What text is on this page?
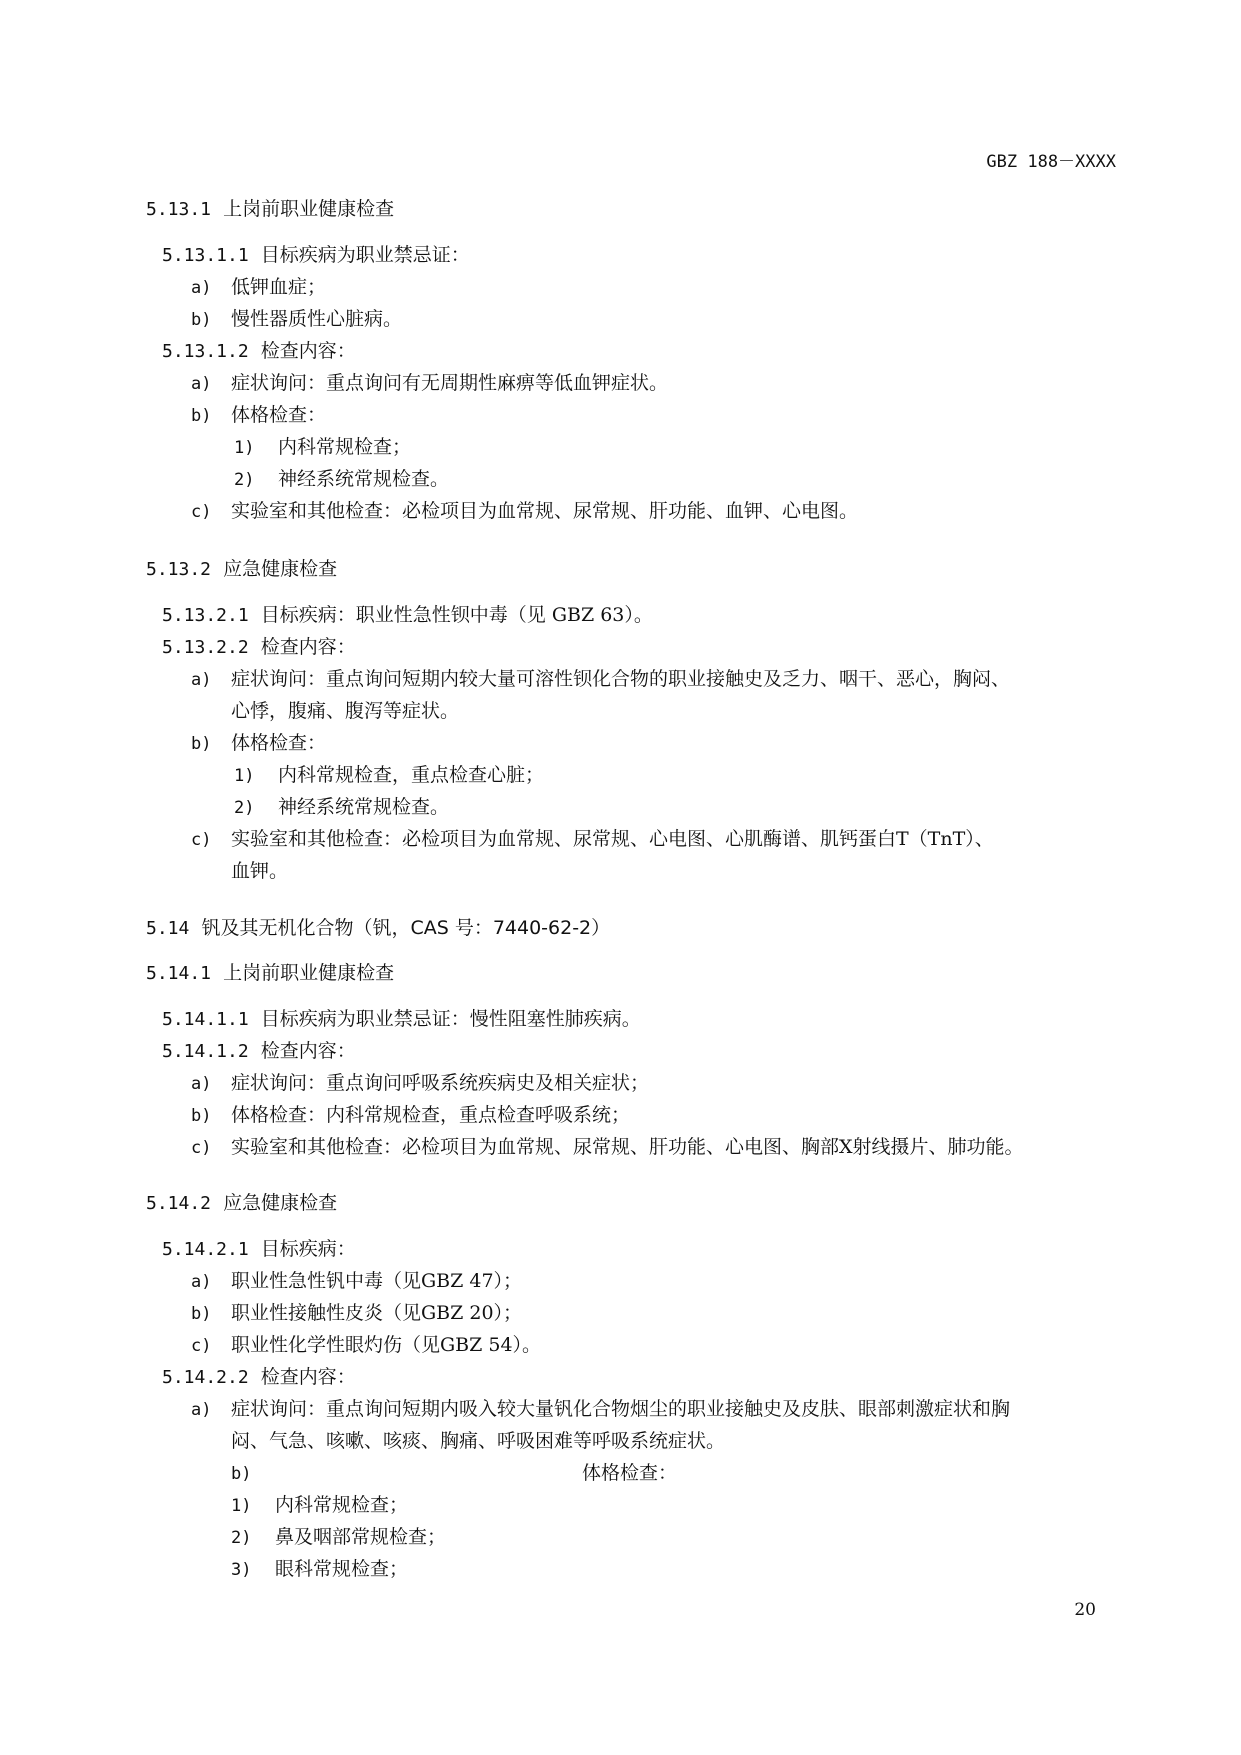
GBZ 188－XXXX
5.13.1 上岗前职业健康检查
5.13.1.1 目标疾病为职业禁忌证：
a) 低钾血症；
b) 慢性器质性心脏病。
5.13.1.2 检查内容：
a) 症状询问：重点询问有无周期性麻痹等低血钾症状。
b) 体格检查：
1) 内科常规检查；
2) 神经系统常规检查。
c) 实验室和其他检查：必检项目为血常规、尿常规、肝功能、血钾、心电图。
5.13.2 应急健康检查
5.13.2.1 目标疾病：职业性急性钡中毒（见 GBZ 63）。
5.13.2.2 检查内容：
a) 症状询问：重点询问短期内较大量可溶性钡化合物的职业接触史及乏力、咽干、恶心，胸闷、
心悸，腹痛、腹泻等症状。
b) 体格检查：
1) 内科常规检查，重点检查心脏；
2) 神经系统常规检查。
c) 实验室和其他检查：必检项目为血常规、尿常规、心电图、心肌酶谱、肌钙蛋白T（TnT）、
血钾。
5.14 钒及其无机化合物（钒，CAS 号：7440-62-2）
5.14.1 上岗前职业健康检查
5.14.1.1 目标疾病为职业禁忌证：慢性阻塞性肺疾病。
5.14.1.2 检查内容：
a) 症状询问：重点询问呼吸系统疾病史及相关症状；
b) 体格检查：内科常规检查，重点检查呼吸系统；
c) 实验室和其他检查：必检项目为血常规、尿常规、肝功能、心电图、胸部X射线摄片、肺功能。
5.14.2 应急健康检查
5.14.2.1 目标疾病：
a) 职业性急性钒中毒（见GBZ 47）；
b) 职业性接触性皮炎（见GBZ 20）；
c) 职业性化学性眼灼伤（见GBZ 54）。
5.14.2.2 检查内容：
a) 症状询问：重点询问短期内吸入较大量钒化合物烟尘的职业接触史及皮肤、眼部刺激症状和胸
闷、气急、咳嗽、咳痰、胸痛、呼吸困难等呼吸系统症状。
b)	体格检查：
1) 内科常规检查；
2) 鼻及咽部常规检查；
3) 眼科常规检查；
20
